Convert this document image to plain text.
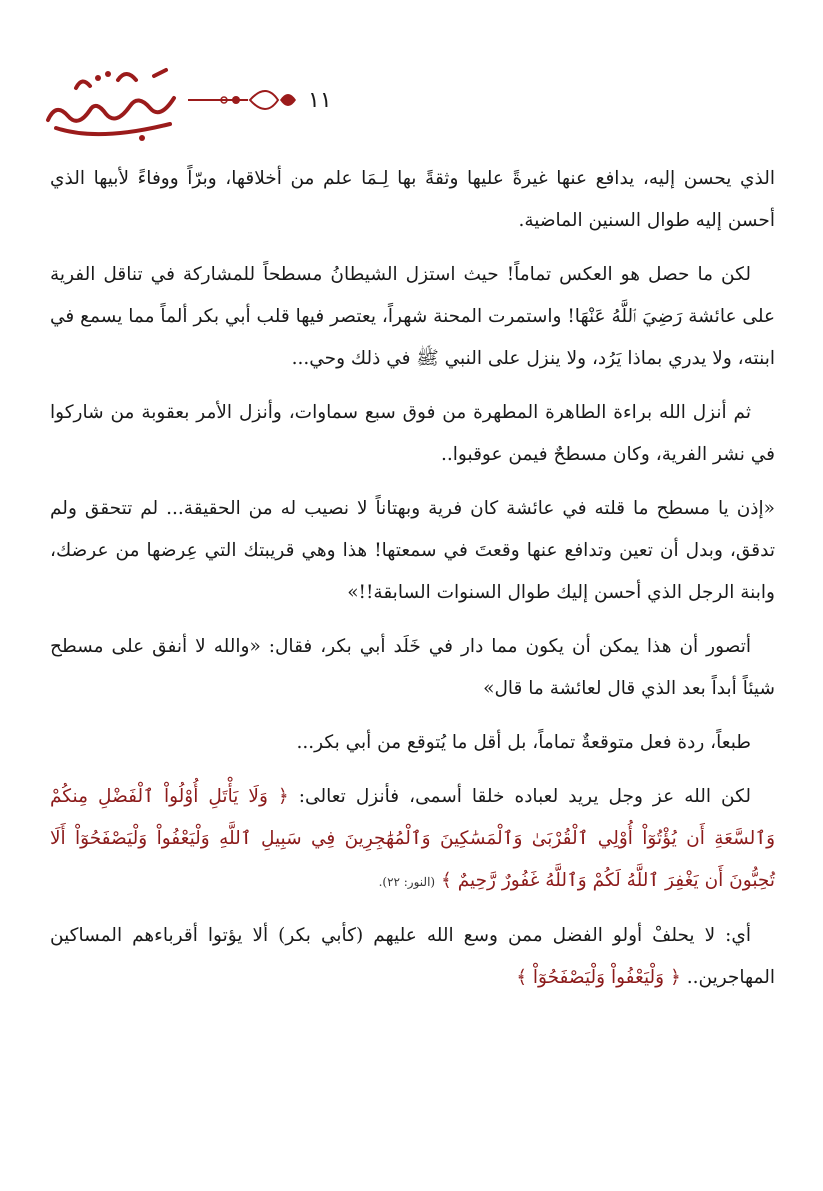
١١

الذي يحسن إليه، يدافع عنها غيرةً عليها وثقةً بها لِـمَا علم من أخلاقها، وبرّاً ووفاءً لأبيها الذي أحسن إليه طوال السنين الماضية.

لكن ما حصل هو العكس تماماً! حيث استزل الشيطانُ مسطحاً للمشاركة في تناقل الفرية على عائشة رَضِيَ ٱللَّهُ عَنْهَا! واستمرت المحنة شهراً، يعتصر فيها قلب أبي بكر ألماً مما يسمع في ابنته، ولا يدري بماذا يَرُد، ولا ينزل على النبي ﷺ في ذلك وحي...

ثم أنزل الله براءة الطاهرة المطهرة من فوق سبع سماوات، وأنزل الأمر بعقوبة من شاركوا في نشر الفرية، وكان مسطحٌ فيمن عوقبوا..

«إذن يا مسطح ما قلته في عائشة كان فرية وبهتاناً لا نصيب له من الحقيقة... لم تتحقق ولم تدقق، وبدل أن تعين وتدافع عنها وقعتَ في سمعتها! هذا وهي قريبتك التي عِرضها من عرضك، وابنة الرجل الذي أحسن إليك طوال السنوات السابقة!!»

أتصور أن هذا يمكن أن يكون مما دار في خَلَد أبي بكر، فقال: «والله لا أنفق على مسطح شيئاً أبداً بعد الذي قال لعائشة ما قال»

طبعاً، ردة فعل متوقعةٌ تماماً، بل أقل ما يُتوقع من أبي بكر...

لكن الله عز وجل يريد لعباده خلقا أسمى، فأنزل تعالى: ﴿ وَلَا يَأْتَلِ أُوْلُواْ ٱلْفَضْلِ مِنكُمْ وَٱلسَّعَةِ أَن يُؤْتُوٓاْ أُوْلِي ٱلْقُرْبَىٰ وَٱلْمَسَٰكِينَ وَٱلْمُهَٰجِرِينَ فِي سَبِيلِ ٱللَّهِ وَلْيَعْفُواْ وَلْيَصْفَحُوٓاْ أَلَا تُحِبُّونَ أَن يَغْفِرَ ٱللَّهُ لَكُمْ وَٱللَّهُ غَفُورٌ رَّحِيمٌ ﴾ (النور: ٢٢).

أي: لا يحلفْ أولو الفضل ممن وسع الله عليهم (كأبي بكر) ألا يؤتوا أقرباءهم المساكين المهاجرين.. ﴿ وَلْيَعْفُواْ وَلْيَصْفَحُوٓاْ ﴾
